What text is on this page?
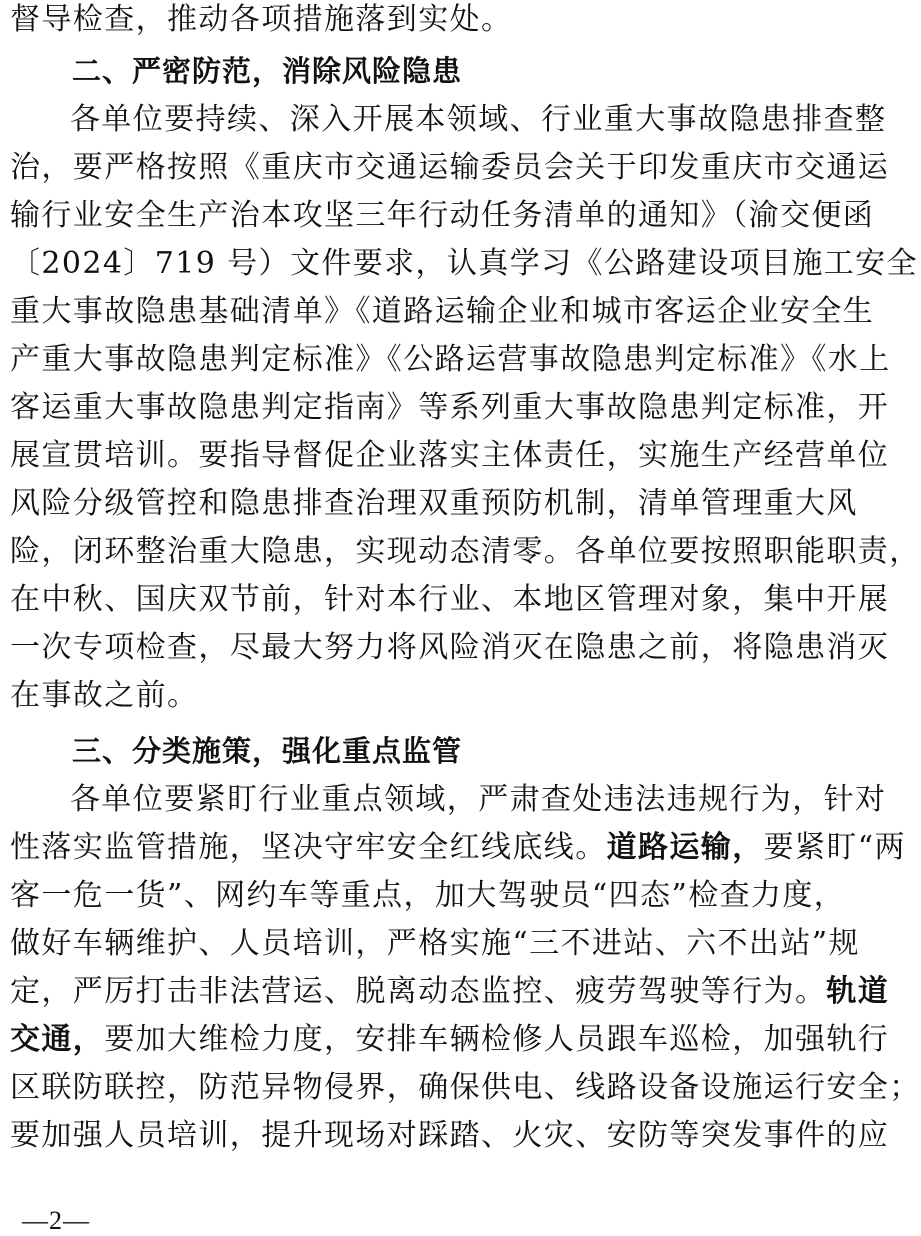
督导检查，推动各项措施落到实处。
二、严密防范，消除风险隐患
各单位要持续、深入开展本领域、行业重大事故隐患排查整
治，要严格按照《重庆市交通运输委员会关于印发重庆市交通运
输行业安全生产治本攻坚三年行动任务清单的通知》（渝交便函
〔2024〕719 号）文件要求，认真学习《公路建设项目施工安全
重大事故隐患基础清单》《道路运输企业和城市客运企业安全生
产重大事故隐患判定标准》《公路运营事故隐患判定标准》《水上
客运重大事故隐患判定指南》等系列重大事故隐患判定标准，开
展宣贯培训。要指导督促企业落实主体责任，实施生产经营单位
风险分级管控和隐患排查治理双重预防机制，清单管理重大风
险，闭环整治重大隐患，实现动态清零。各单位要按照职能职责，
在中秋、国庆双节前，针对本行业、本地区管理对象，集中开展
一次专项检查，尽最大努力将风险消灭在隐患之前，将隐患消灭
在事故之前。
三、分类施策，强化重点监管
各单位要紧盯行业重点领域，严肃查处违法违规行为，针对
性落实监管措施，坚决守牢安全红线底线。道路运输，要紧盯“两
客一危一货”、网约车等重点，加大驾驶员“四态”检查力度，
做好车辆维护、人员培训，严格实施“三不进站、六不出站”规
定，严厉打击非法营运、脱离动态监控、疲劳驾驶等行为。轨道
交通，要加大维检力度，安排车辆检修人员跟车巡检，加强轨行
区联防联控，防范异物侵界，确保供电、线路设备设施运行安全；
要加强人员培训，提升现场对踩踏、火灾、安防等突发事件的应
—2—
